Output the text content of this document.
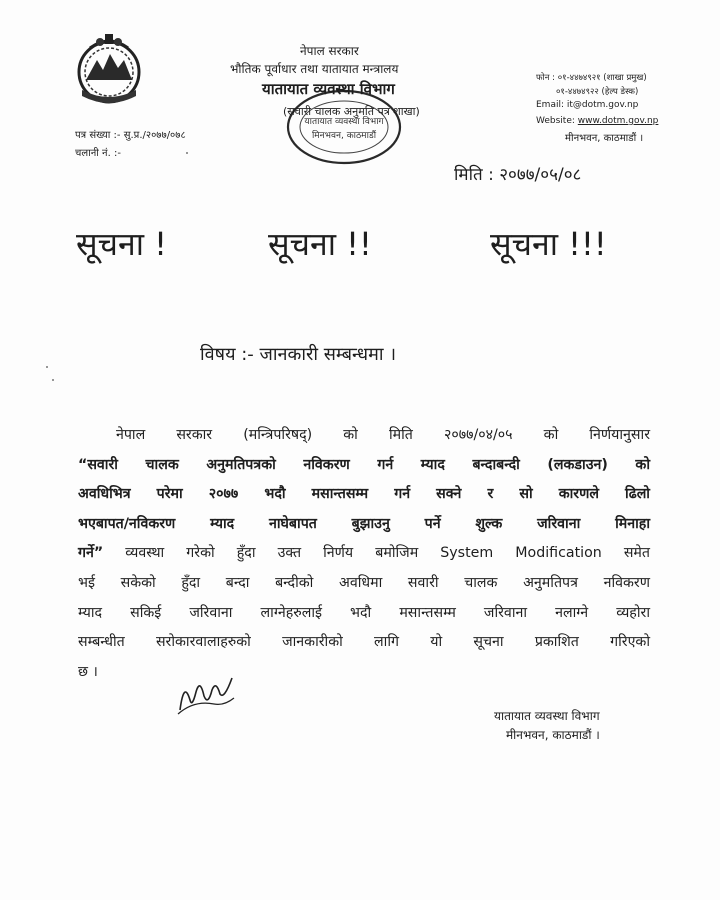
यातायात व्यवस्था विभाग
मिनभवन, काठमाडौं
नेपाल सरकार
भौतिक पूर्वाधार तथा यातायात मन्त्रालय
यातायात व्यवस्था विभाग
(सवारी चालक अनुमति पत्र शाखा)
फोन : ०१-४४७४९२१ (शाखा प्रमुख)
०१-४४७४९२२ (हेल्प डेस्क)
Email: it@dotm.gov.np
Website: www.dotm.gov.np
मीनभवन, काठमाडौं ।
पत्र संख्या :- सु.प्र./२०७७/०७८
चलानी नं. :-
मिति : २०७७/०५/०८
सूचना !	सूचना !!	सूचना !!!
विषय :- जानकारी सम्बन्धमा ।
नेपाल सरकार (मन्त्रिपरिषद्) को मिति २०७७/०४/०५ को निर्णयानुसार
“सवारी चालक अनुमतिपत्रको नविकरण गर्न म्याद बन्दाबन्दी (लकडाउन) को
अवधिभित्र परेमा २०७७ भदौ मसान्तसम्म गर्न सक्ने र सो कारणले ढिलो
भएबापत/नविकरण म्याद नाघेबापत बुझाउनु पर्ने शुल्क जरिवाना मिनाहा
गर्ने” व्यवस्था गरेको हुँदा उक्त निर्णय बमोजिम System Modification समेत
भई सकेको हुँदा बन्दा बन्दीको अवधिमा सवारी चालक अनुमतिपत्र नविकरण
म्याद सकिई जरिवाना लाग्नेहरुलाई भदौ मसान्तसम्म जरिवाना नलाग्ने व्यहोरा
सम्बन्धीत सरोकारवालाहरुको जानकारीको लागि यो सूचना प्रकाशित गरिएको
छ ।
यातायात व्यवस्था विभाग
मीनभवन, काठमाडौं ।
